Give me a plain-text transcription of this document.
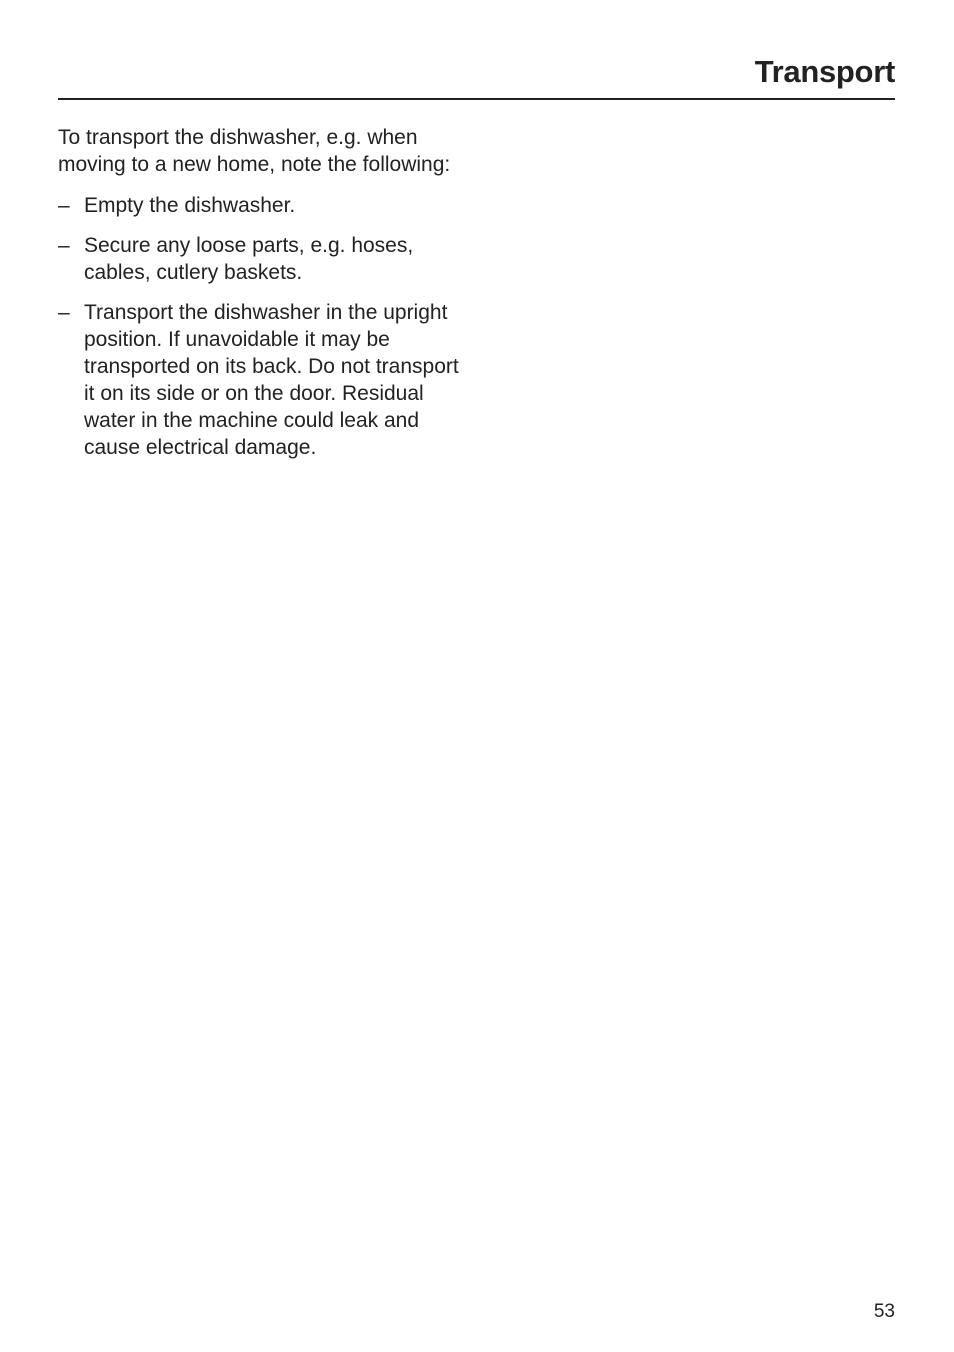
Transport

To transport the dishwasher, e.g. when moving to a new home, note the following:

– Empty the dishwasher.
– Secure any loose parts, e.g. hoses, cables, cutlery baskets.
– Transport the dishwasher in the upright position. If unavoidable it may be transported on its back. Do not transport it on its side or on the door. Residual water in the machine could leak and cause electrical damage.
53
